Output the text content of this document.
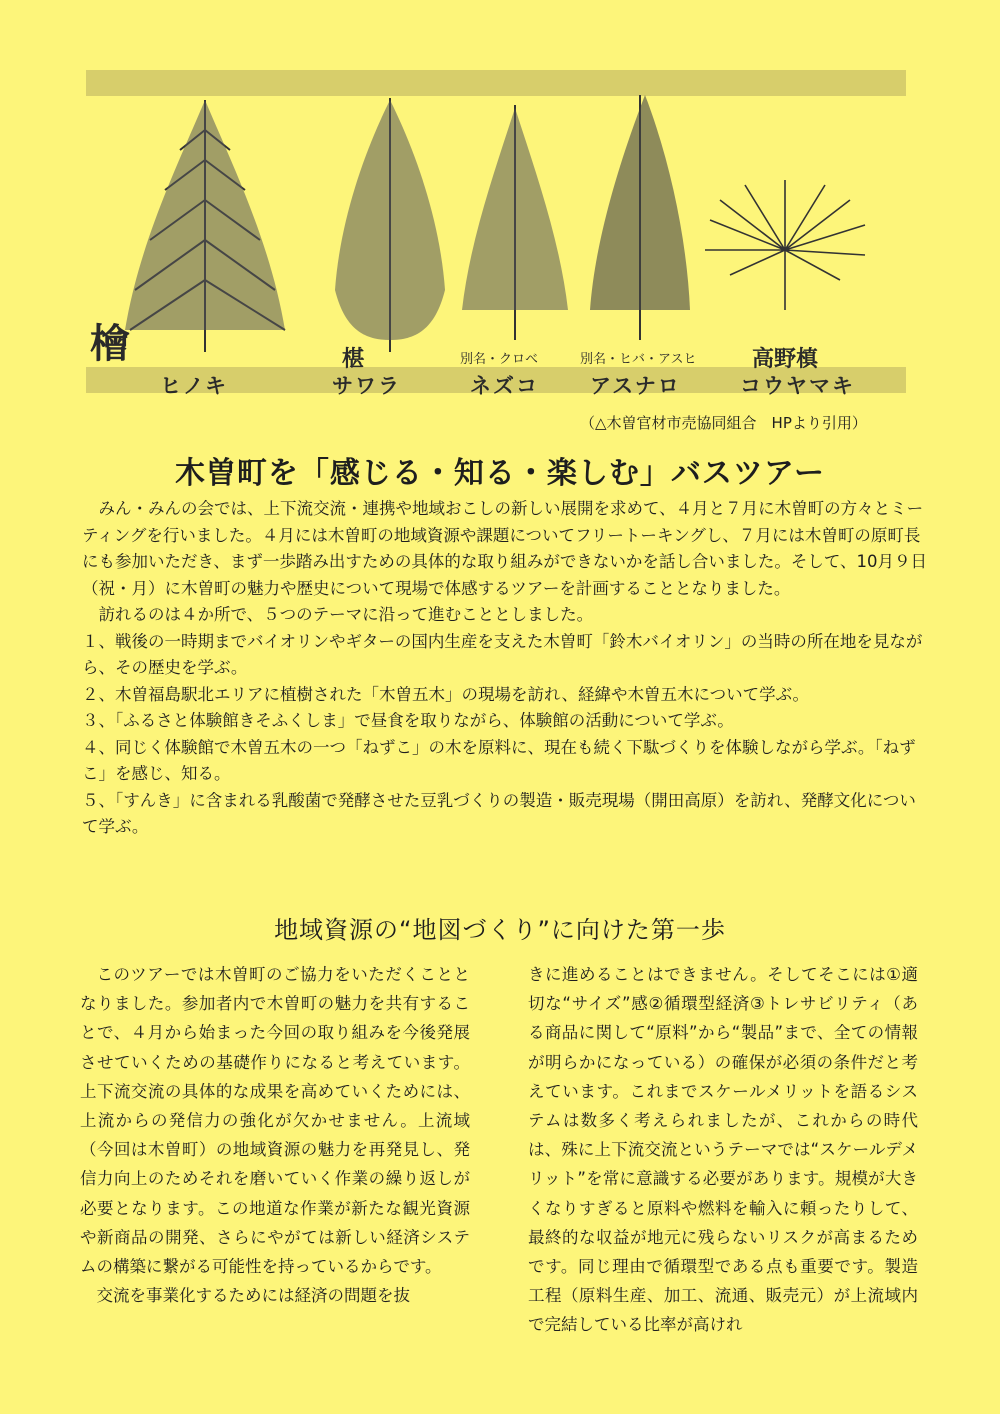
檜	椹	別名・クロベ	別名・ヒバ・アスヒ	高野槙
ヒノキ	サワラ	ネズコ アスナロ	コウヤマキ
（△木曽官材市売協同組合　HPより引用）
木曽町を「感じる・知る・楽しむ」バスツアー

みん・みんの会では、上下流交流・連携や地域おこしの新しい展開を求めて、４月と７月に木曽町の方々とミーティングを行いました。４月には木曽町の地域資源や課題についてフリートーキングし、７月には木曽町の原町長にも参加いただき、まず一歩踏み出すための具体的な取り組みができないかを話し合いました。そして、10月９日（祝・月）に木曽町の魅力や歴史について現場で体感するツアーを計画することとなりました。

訪れるのは４か所で、５つのテーマに沿って進むこととしました。

１、戦後の一時期までバイオリンやギターの国内生産を支えた木曽町「鈴木バイオリン」の当時の所在地を見ながら、その歴史を学ぶ。
２、木曽福島駅北エリアに植樹された「木曽五木」の現場を訪れ、経緯や木曽五木について学ぶ。
３、「ふるさと体験館きそふくしま」で昼食を取りながら、体験館の活動について学ぶ。
４、同じく体験館で木曽五木の一つ「ねずこ」の木を原料に、現在も続く下駄づくりを体験しながら学ぶ。「ねずこ」を感じ、知る。
５、「すんき」に含まれる乳酸菌で発酵させた豆乳づくりの製造・販売現場（開田高原）を訪れ、発酵文化について学ぶ。
地域資源の“地図づくり”に向けた第一歩

このツアーでは木曽町のご協力をいただくこととなりました。参加者内で木曽町の魅力を共有することで、４月から始まった今回の取り組みを今後発展させていくための基礎作りになると考えています。上下流交流の具体的な成果を高めていくためには、上流からの発信力の強化が欠かせません。上流域（今回は木曽町）の地域資源の魅力を再発見し、発信力向上のためそれを磨いていく作業の繰り返しが必要となります。この地道な作業が新たな観光資源や新商品の開発、さらにやがては新しい経済システムの構築に繋がる可能性を持っているからです。

交流を事業化するためには経済の問題を抜

きに進めることはできません。そしてそこには①適切な“サイズ”感②循環型経済③トレサビリティ（ある商品に関して“原料”から“製品”まで、全ての情報が明らかになっている）の確保が必須の条件だと考えています。これまでスケールメリットを語るシステムは数多く考えられましたが、これからの時代は、殊に上下流交流というテーマでは“スケールデメリット”を常に意識する必要があります。規模が大きくなりすぎると原料や燃料を輸入に頼ったりして、最終的な収益が地元に残らないリスクが高まるためです。同じ理由で循環型である点も重要です。製造工程（原料生産、加工、流通、販売元）が上流域内で完結している比率が高けれ
